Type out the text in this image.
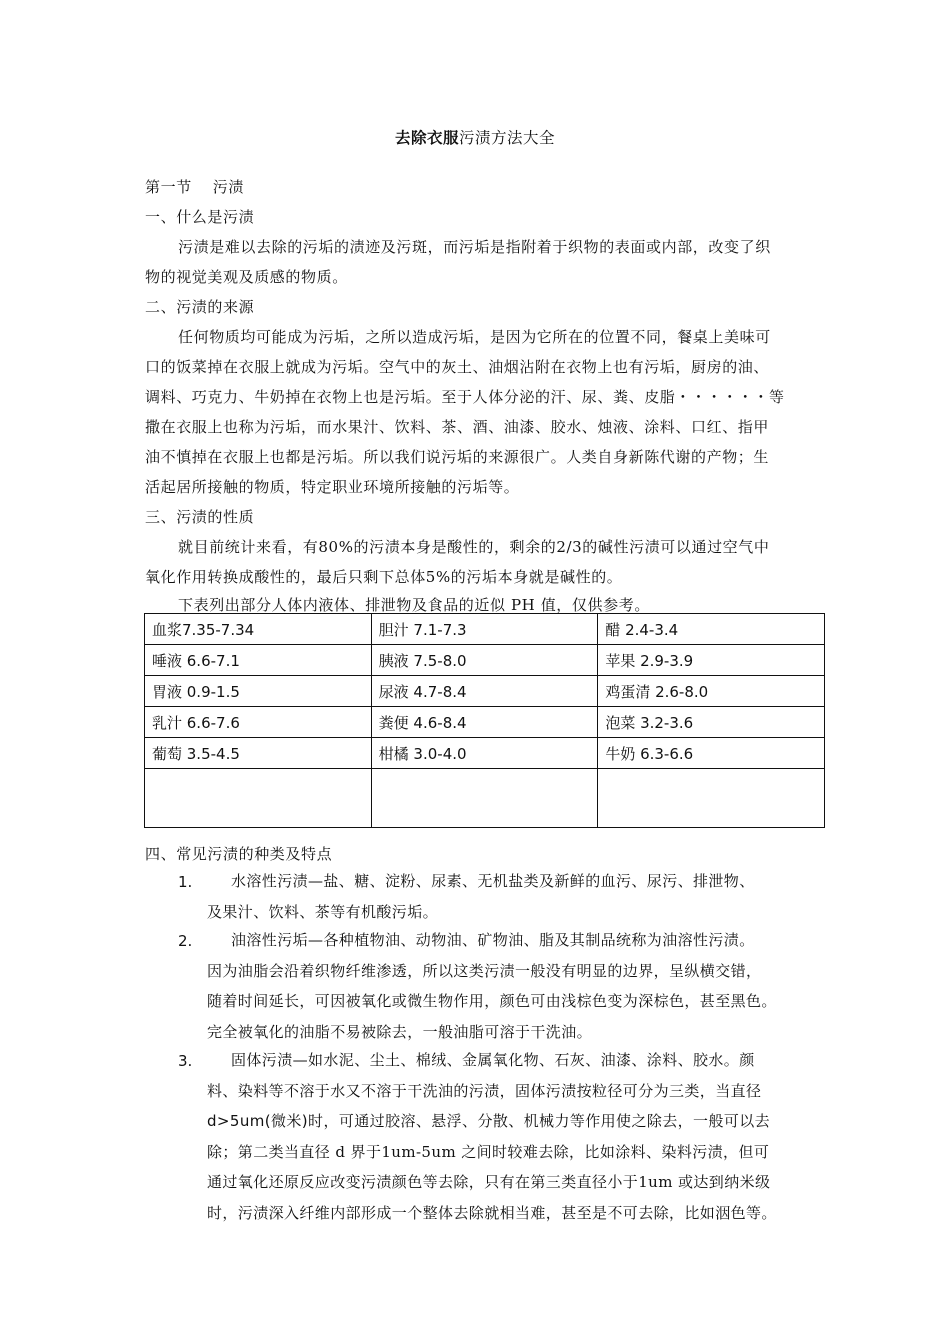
去除衣服污渍方法大全
第一节　 污渍
一、什么是污渍
污渍是难以去除的污垢的渍迹及污斑，而污垢是指附着于织物的表面或内部，改变了织
物的视觉美观及质感的物质。
二、污渍的来源
任何物质均可能成为污垢，之所以造成污垢，是因为它所在的位置不同，餐桌上美味可
口的饭菜掉在衣服上就成为污垢。空气中的灰土、油烟沾附在衣物上也有污垢，厨房的油、
调料、巧克力、牛奶掉在衣物上也是污垢。至于人体分泌的汗、尿、粪、皮脂・・・・・・等
撒在衣服上也称为污垢，而水果汁、饮料、茶、酒、油漆、胶水、烛液、涂料、口红、指甲
油不慎掉在衣服上也都是污垢。所以我们说污垢的来源很广。人类自身新陈代谢的产物；生
活起居所接触的物质，特定职业环境所接触的污垢等。
三、污渍的性质
就目前统计来看，有80%的污渍本身是酸性的，剩余的2/3的碱性污渍可以通过空气中
氧化作用转换成酸性的，最后只剩下总体5%的污垢本身就是碱性的。
下表列出部分人体内液体、排泄物及食品的近似 PH 值，仅供参考。
血浆7.35-7.34	胆汁 7.1-7.3	醋 2.4-3.4
唾液 6.6-7.1	胰液 7.5-8.0	苹果 2.9-3.9
胃液 0.9-1.5	尿液 4.7-8.4	鸡蛋清 2.6-8.0
乳汁 6.6-7.6	粪便 4.6-8.4	泡菜 3.2-3.6
葡萄 3.5-4.5	柑橘 3.0-4.0	牛奶 6.3-6.6

四、常见污渍的种类及特点
1.	水溶性污渍—盐、糖、淀粉、尿素、无机盐类及新鲜的血污、尿污、排泄物、
及果汁、饮料、茶等有机酸污垢。
2.	油溶性污垢—各种植物油、动物油、矿物油、脂及其制品统称为油溶性污渍。
因为油脂会沿着织物纤维渗透，所以这类污渍一般没有明显的边界，呈纵横交错，
随着时间延长，可因被氧化或微生物作用，颜色可由浅棕色变为深棕色，甚至黑色。
完全被氧化的油脂不易被除去，一般油脂可溶于干洗油。
3.	固体污渍—如水泥、尘土、棉绒、金属氧化物、石灰、油漆、涂料、胶水。颜
料、染料等不溶于水又不溶于干洗油的污渍，固体污渍按粒径可分为三类，当直径
d>5um(微米)时，可通过胶溶、悬浮、分散、机械力等作用使之除去，一般可以去
除；第二类当直径 d 界于1um-5um 之间时较难去除，比如涂料、染料污渍，但可
通过氧化还原反应改变污渍颜色等去除，只有在第三类直径小于1um 或达到纳米级
时，污渍深入纤维内部形成一个整体去除就相当难，甚至是不可去除，比如洇色等。
